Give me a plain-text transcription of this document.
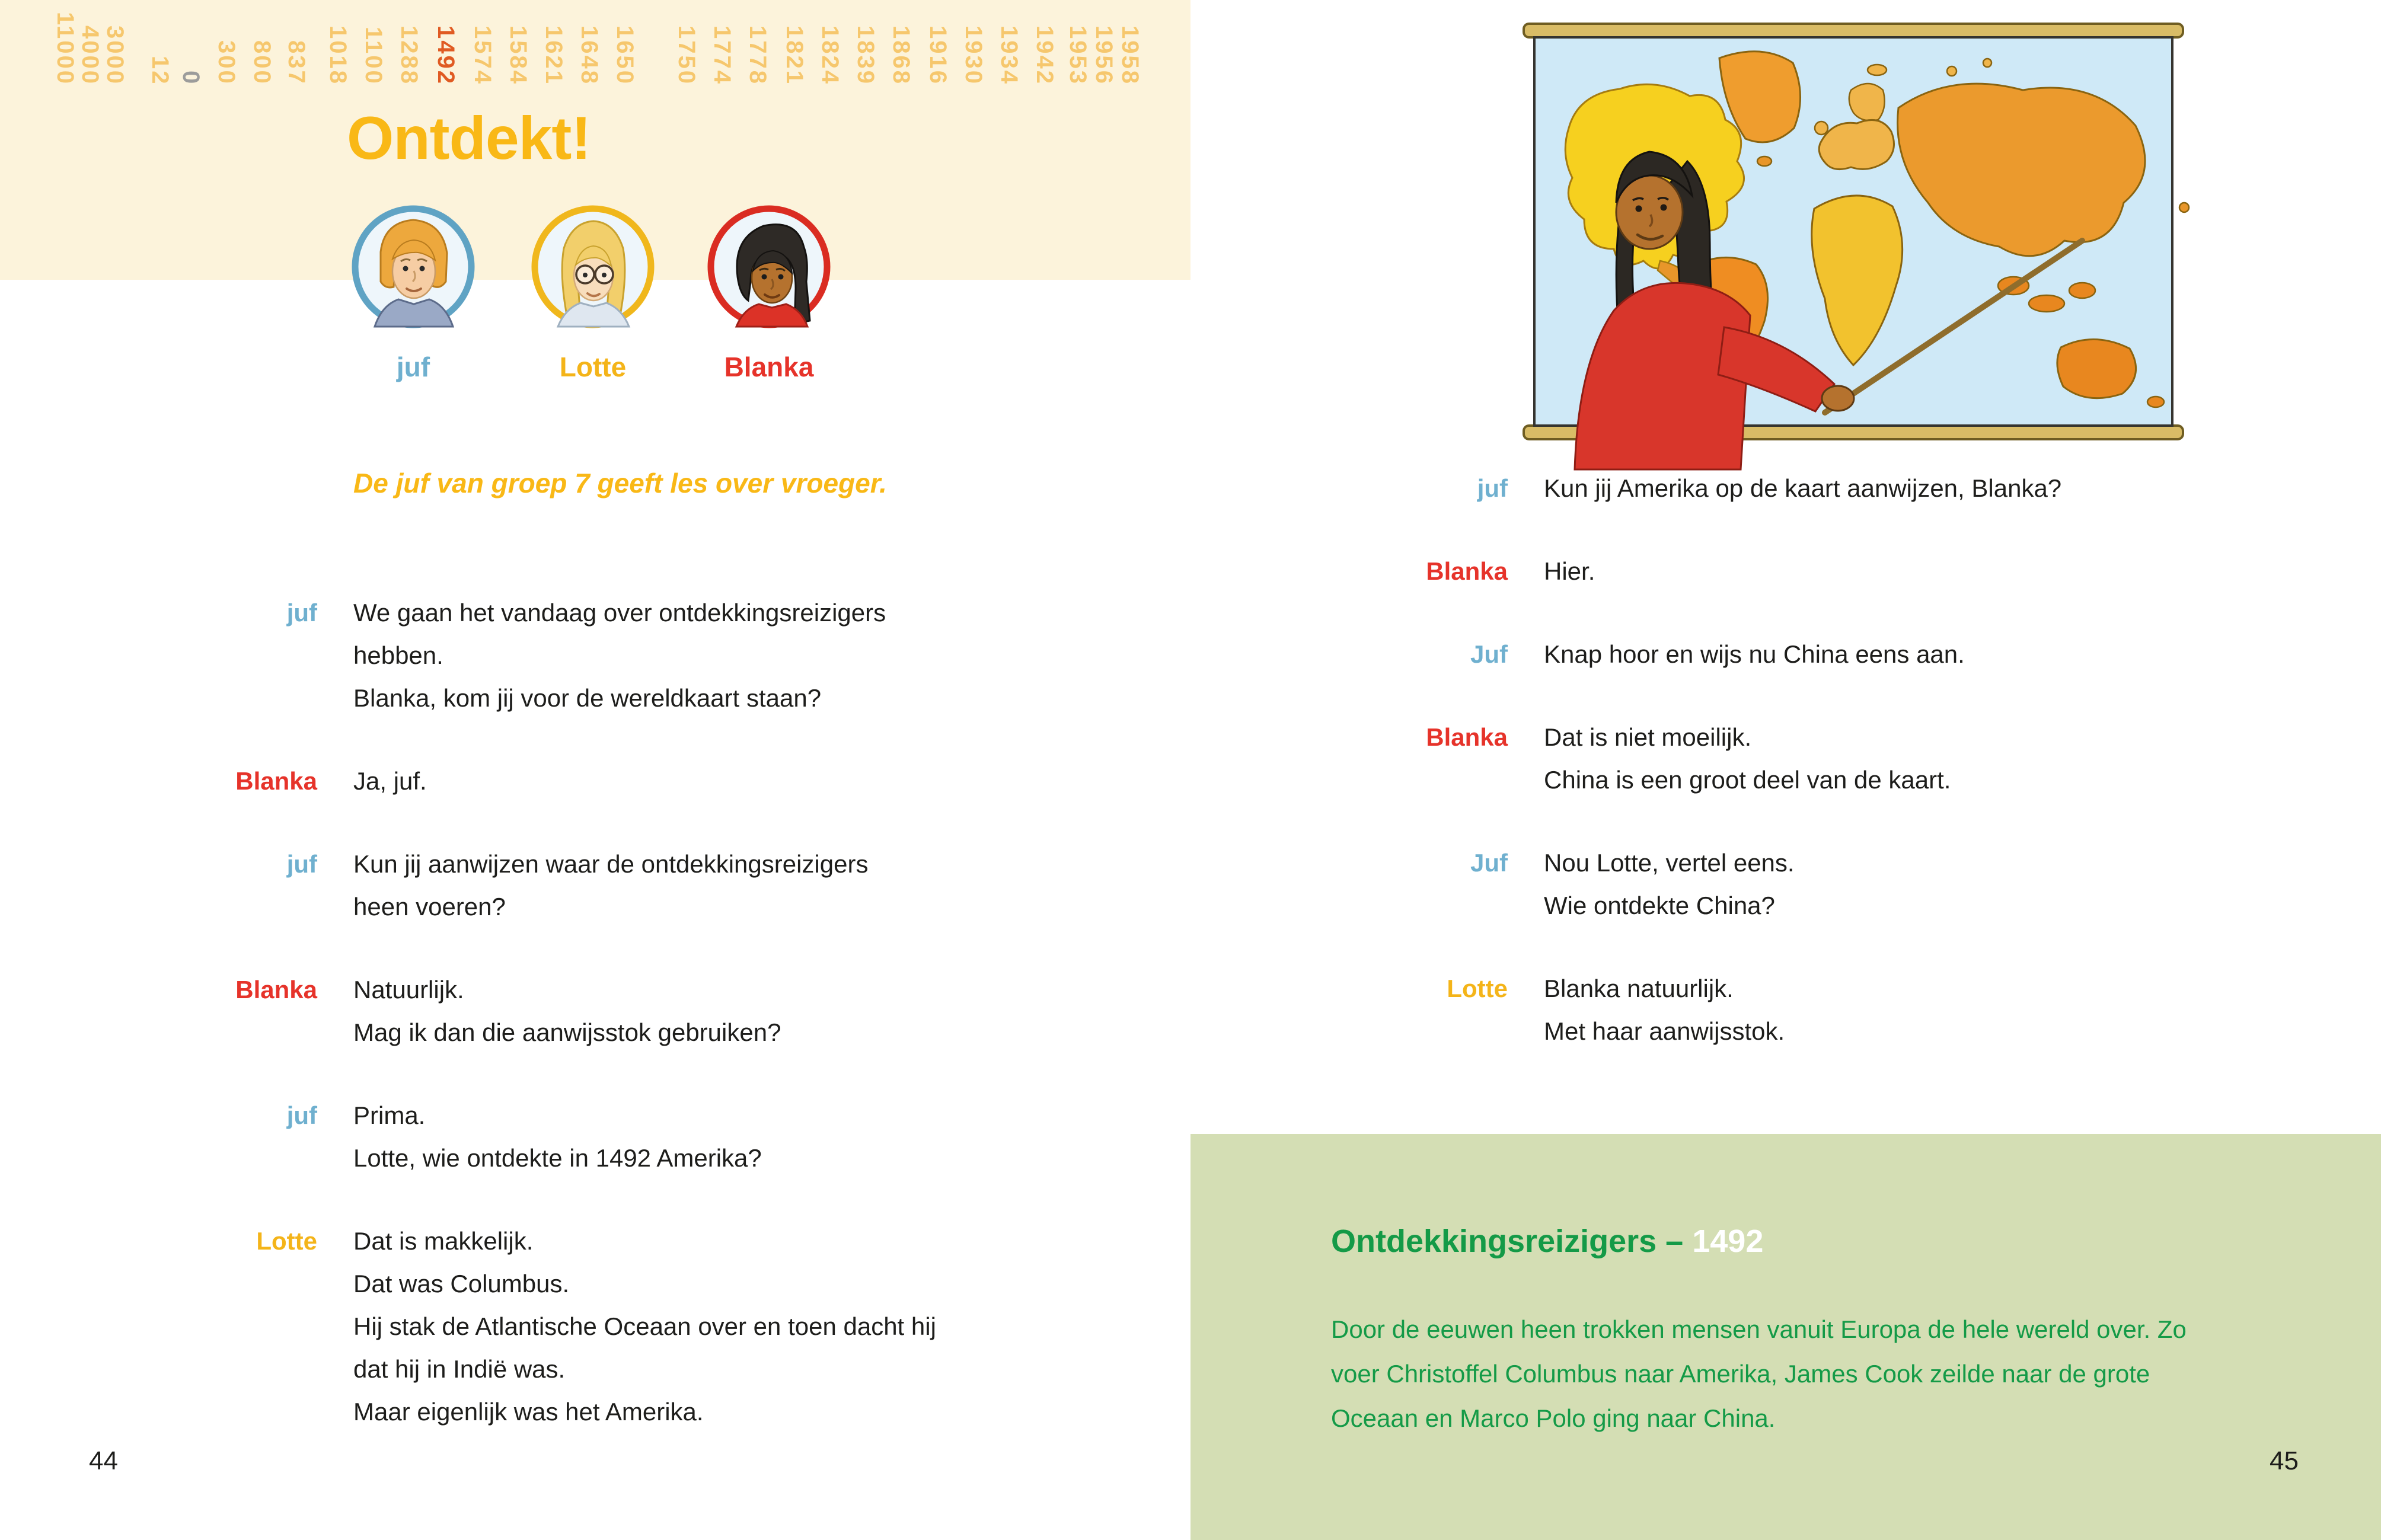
11000
4000
3000 12 0 300 800 837 1018 1100 1288 1492 1574 1584 1621 1648 1650 1750 1774 1778 1821 1824 1839 1868 1916 1930 1934 1942 1953 1956 1958
Ontdekt!
juf	Lotte	Blanka
De juf van groep 7 geeft les over vroeger.
juf We gaan het vandaag over ontdekkingsreizigers
hebben.
Blanka, kom jij voor de wereldkaart staan?
Blanka Ja, juf.
juf Kun jij aanwijzen waar de ontdekkingsreizigers
heen voeren?
Blanka Natuurlijk.
Mag ik dan die aanwijsstok gebruiken?
juf Prima.
Lotte, wie ontdekte in 1492 Amerika?
Lotte Dat is makkelijk.
Dat was Columbus.
Hij stak de Atlantische Oceaan over en toen dacht hij
dat hij in Indië was.
Maar eigenlijk was het Amerika.
44
juf Kun jij Amerika op de kaart aanwijzen, Blanka?
Blanka Hier.
Juf Knap hoor en wijs nu China eens aan.
Blanka Dat is niet moeilijk.
China is een groot deel van de kaart.
Juf Nou Lotte, vertel eens.
Wie ontdekte China?
Lotte Blanka natuurlijk.
Met haar aanwijsstok.
Ontdekkingsreizigers – 1492
Door de eeuwen heen trokken mensen vanuit Europa de hele wereld over. Zo
voer Christoffel Columbus naar Amerika, James Cook zeilde naar de grote
Oceaan en Marco Polo ging naar China.
45
